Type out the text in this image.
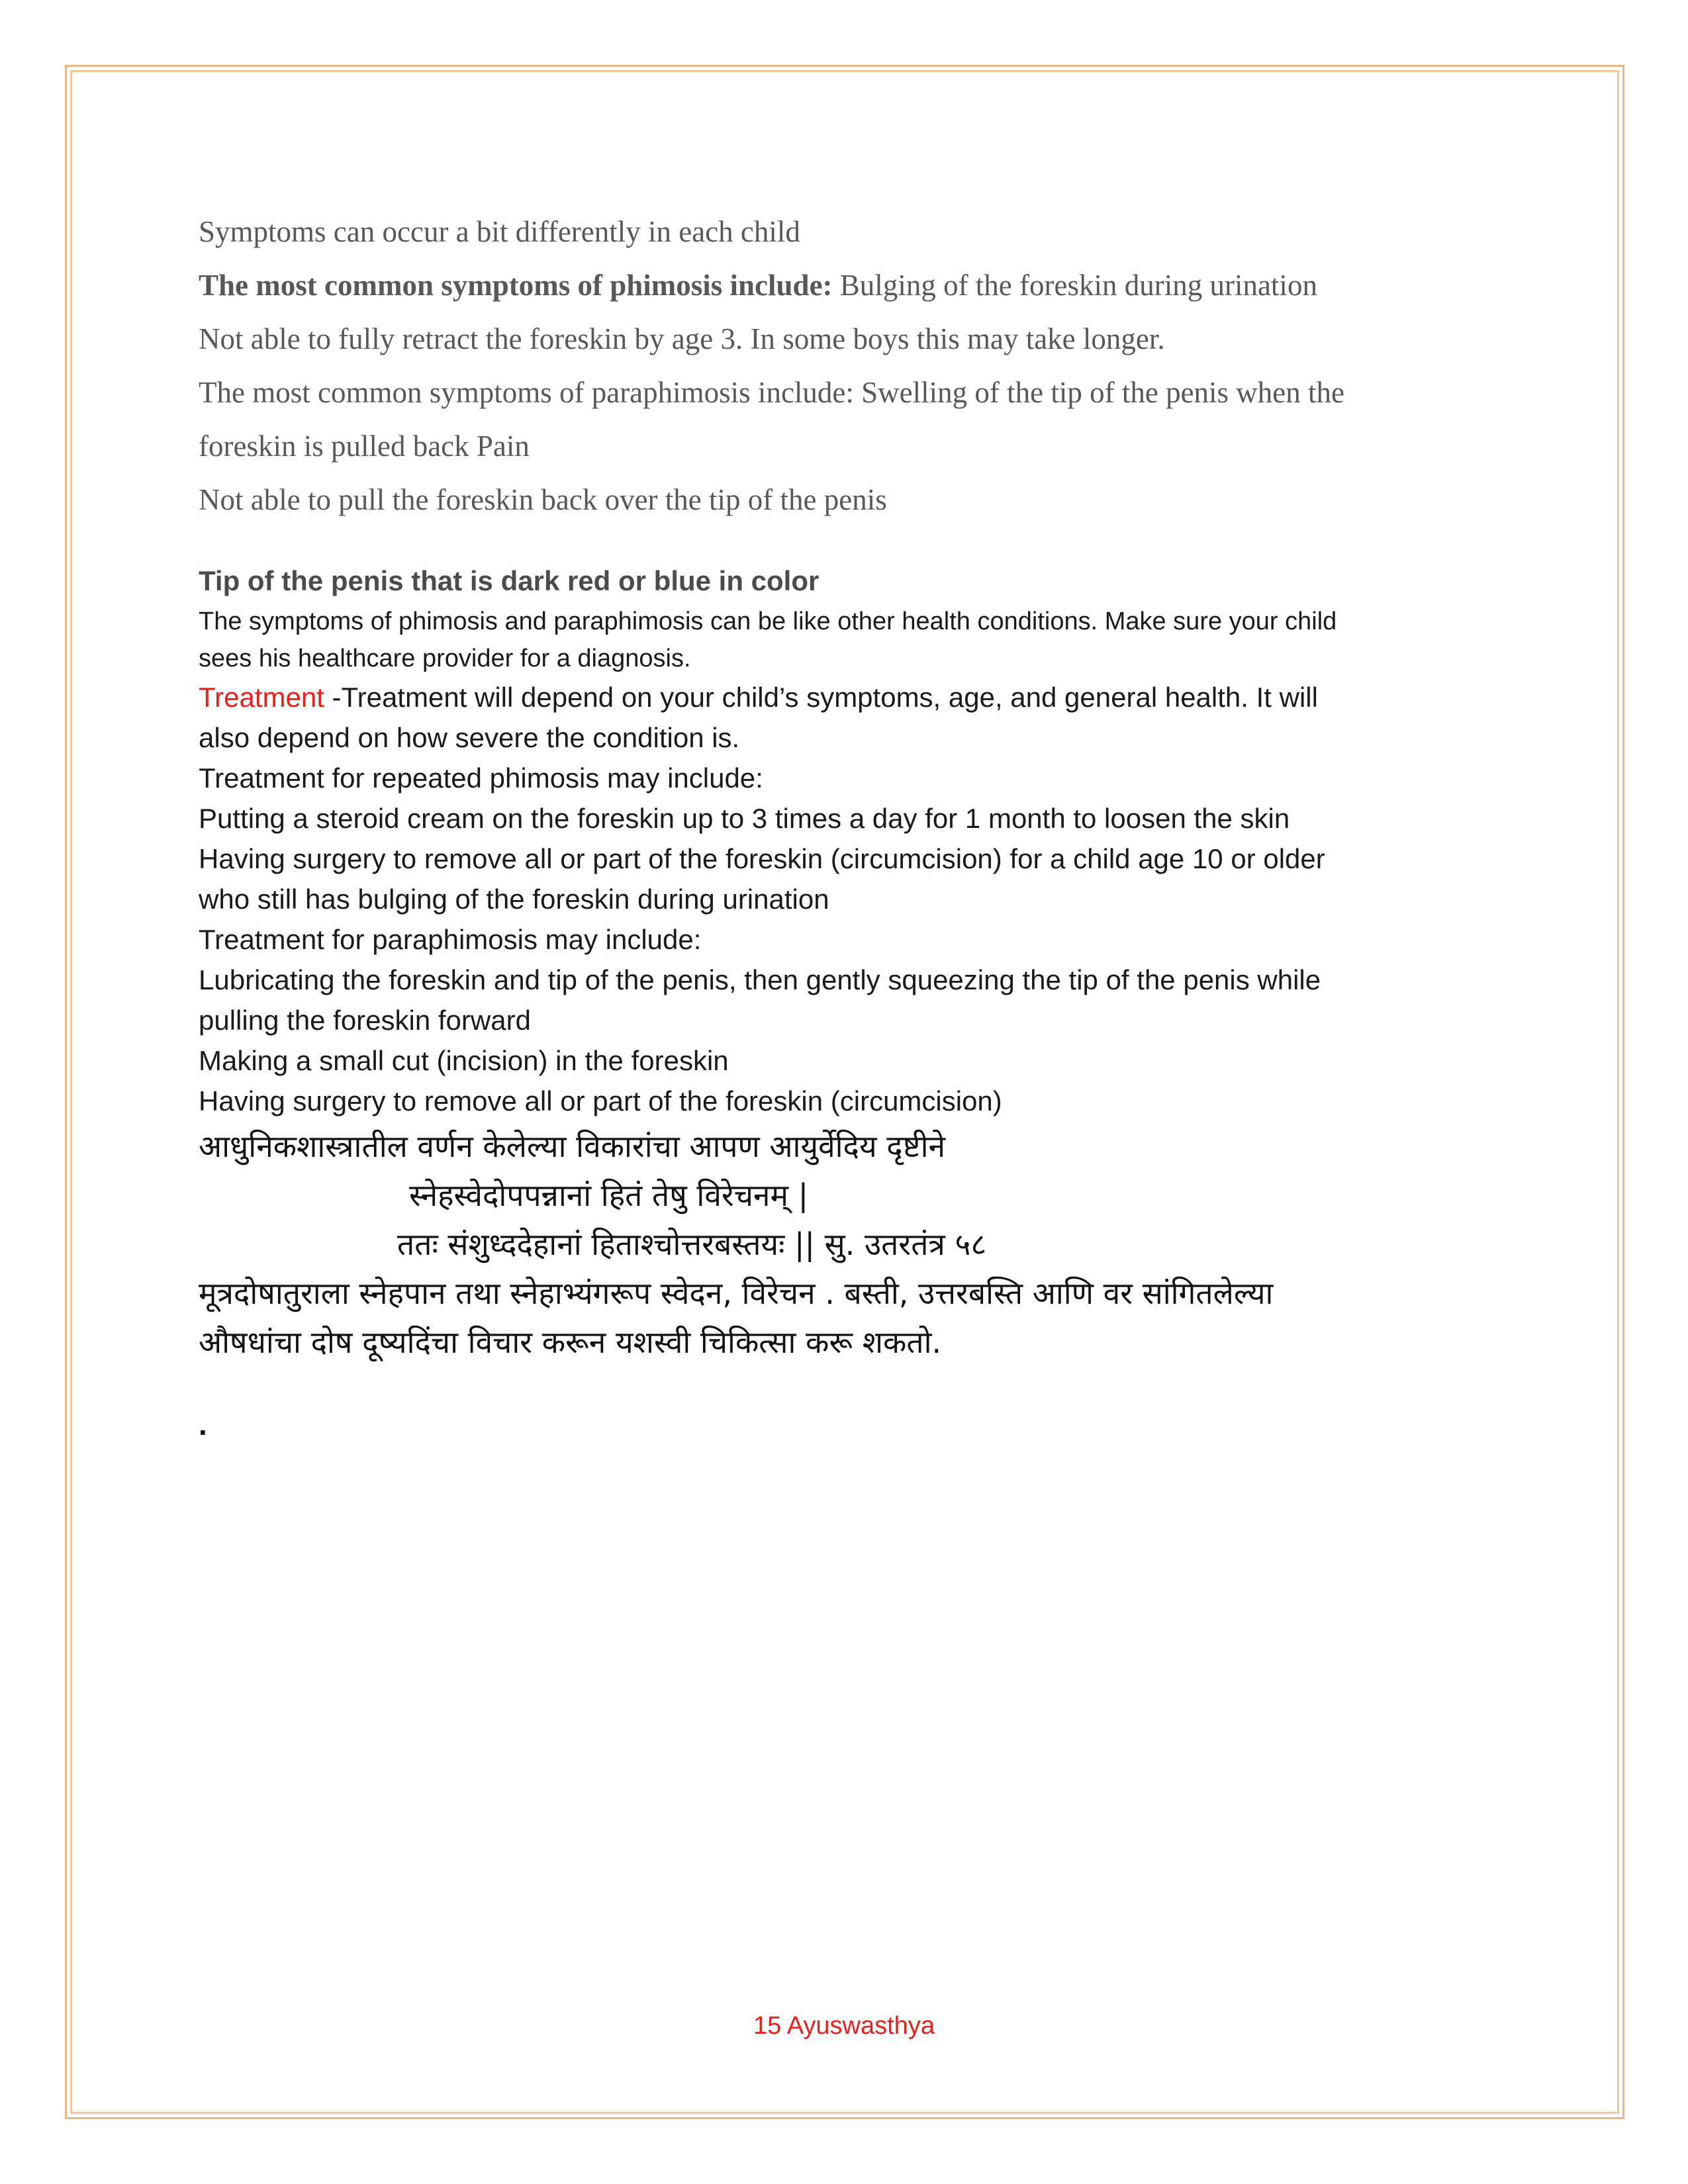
Symptoms can occur a bit differently in each child

The most common symptoms of phimosis include: Bulging of the foreskin during urination

Not able to fully retract the foreskin by age 3. In some boys this may take longer.

The most common symptoms of paraphimosis include: Swelling of the tip of the penis when the

foreskin is pulled back Pain

Not able to pull the foreskin back over the tip of the penis

Tip of the penis that is dark red or blue in color

The symptoms of phimosis and paraphimosis can be like other health conditions. Make sure your child
sees his healthcare provider for a diagnosis.

Treatment -Treatment will depend on your child’s symptoms, age, and general health. It will
also depend on how severe the condition is.
Treatment for repeated phimosis may include:
Putting a steroid cream on the foreskin up to 3 times a day for 1 month to loosen the skin
Having surgery to remove all or part of the foreskin (circumcision) for a child age 10 or older
who still has bulging of the foreskin during urination
Treatment for paraphimosis may include:
Lubricating the foreskin and tip of the penis, then gently squeezing the tip of the penis while
pulling the foreskin forward
Making a small cut (incision) in the foreskin
Having surgery to remove all or part of the foreskin (circumcision)

आधुनिकशास्त्रातील वर्णन केलेल्या विकारांचा आपण आयुर्वेदिय दृष्टीने
स्नेहस्वेदोपपन्नानां हितं तेषु विरेचनम् |
ततः संशुध्ददेहानां हिताश्चोत्तरबस्तयः || सु. उतरतंत्र ५८
मूत्रदोषातुराला स्नेहपान तथा स्नेहाभ्यंगरूप स्वेदन, विरेचन . बस्ती, उत्तरबस्ति आणि वर सांगितलेल्या
औषधांचा दोष दूष्यदिंचा विचार करून यशस्वी चिकित्सा करू शकतो.
.
15 Ayuswasthya
